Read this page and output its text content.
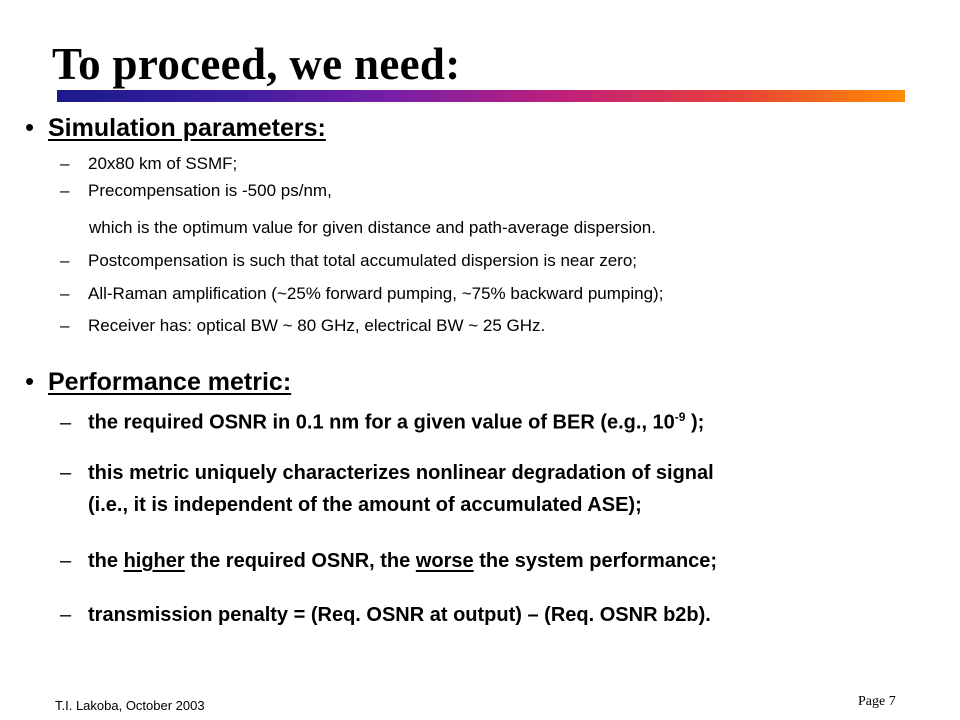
To proceed, we need:
• Simulation parameters:
– 20x80 km of SSMF;
– Precompensation is -500 ps/nm,
which is the optimum value for given distance and path-average dispersion.
– Postcompensation is such that total accumulated dispersion is near zero;
– All-Raman amplification (~25% forward pumping, ~75% backward pumping);
– Receiver has: optical BW ~ 80 GHz, electrical BW ~ 25 GHz.
• Performance metric:
– the required OSNR in 0.1 nm for a given value of BER (e.g., $10^{-9}$ );
– this metric uniquely characterizes nonlinear degradation of signal
(i.e., it is independent of the amount of accumulated ASE);
– the higher the required OSNR, the worse the system performance;
– transmission penalty = (Req. OSNR at output) – (Req. OSNR b2b).
T.I. Lakoba, October 2003	Page 7
